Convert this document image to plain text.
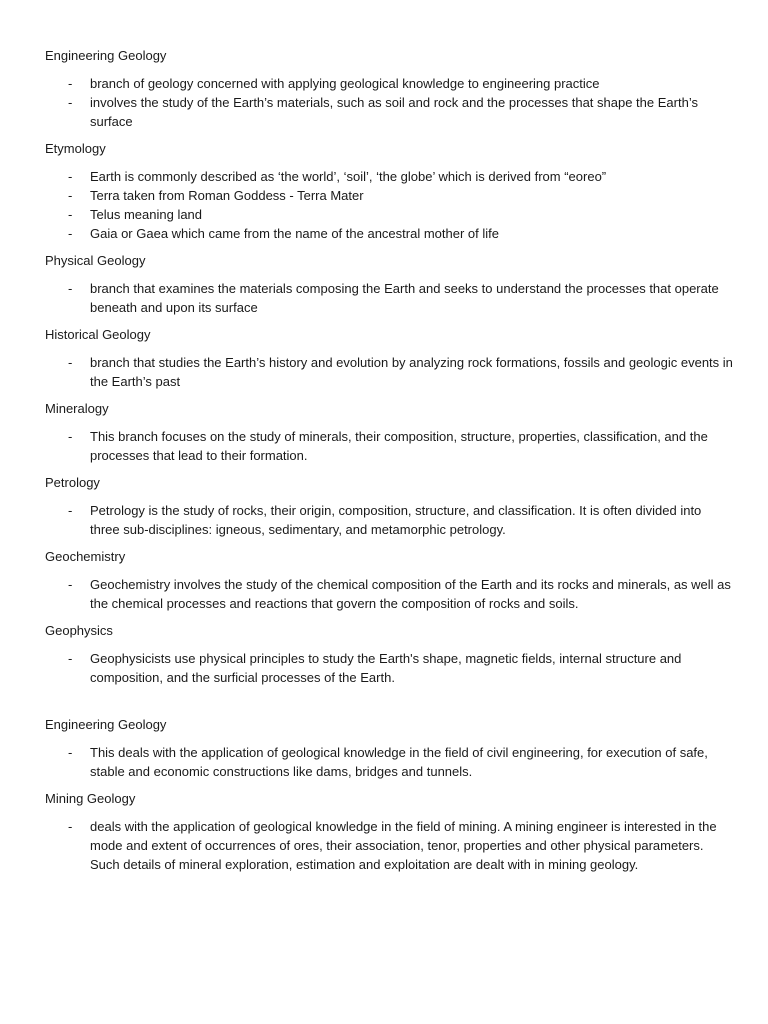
Engineering Geology
- branch of geology concerned with applying geological knowledge to engineering practice
- involves the study of the Earth’s materials, such as soil and rock and the processes that shape the Earth’s surface
Etymology
- Earth is commonly described as ‘the world’, ‘soil’, ‘the globe’ which is derived from “eoreo”
- Terra taken from Roman Goddess - Terra Mater
- Telus meaning land
- Gaia or Gaea which came from the name of the ancestral mother of life
Physical Geology
- branch that examines the materials composing the Earth and seeks to understand the processes that operate
beneath and upon its surface
Historical Geology
- branch that studies the Earth’s history and evolution by analyzing rock formations, fossils and geologic events in
the Earth’s past
Mineralogy
- This branch focuses on the study of minerals, their composition, structure, properties, classification, and the
processes that lead to their formation.
Petrology
- Petrology is the study of rocks, their origin, composition, structure, and classification. It is often divided into
three sub-disciplines: igneous, sedimentary, and metamorphic petrology.
Geochemistry
- Geochemistry involves the study of the chemical composition of the Earth and its rocks and minerals, as well as
the chemical processes and reactions that govern the composition of rocks and soils.
Geophysics
- Geophysicists use physical principles to study the Earth's shape, magnetic fields, internal structure and
composition, and the surficial processes of the Earth.
Engineering Geology
- This deals with the application of geological knowledge in the field of civil engineering, for execution of safe,
stable and economic constructions like dams, bridges and tunnels.
Mining Geology
- deals with the application of geological knowledge in the field of mining. A mining engineer is interested in the
mode and extent of occurrences of ores, their association, tenor, properties and other physical parameters.
Such details of mineral exploration, estimation and exploitation are dealt with in mining geology.
